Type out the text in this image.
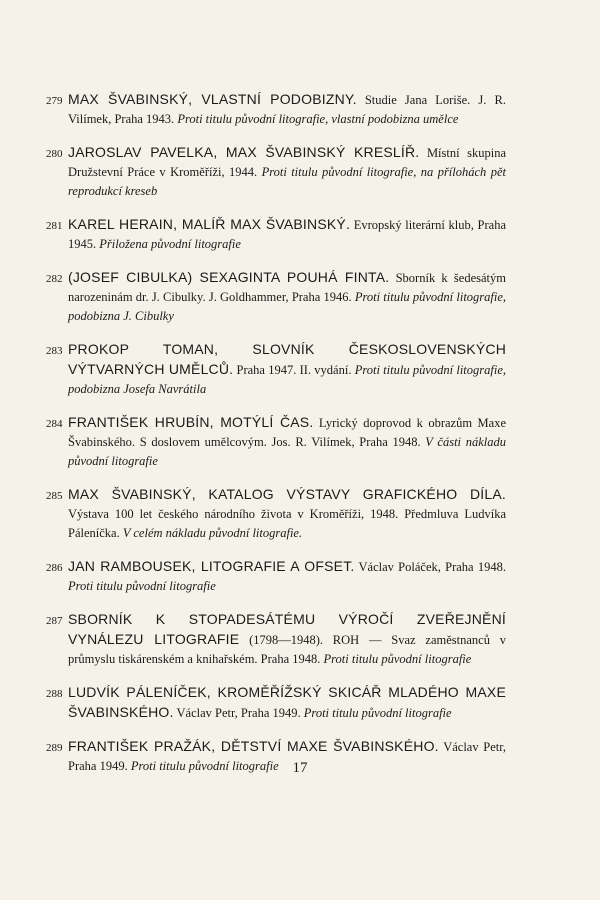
279 MAX ŠVABINSKÝ, VLASTNÍ PODOBIZNY. Studie Jana Loriše. J. R. Vilímek, Praha 1943. Proti titulu původní litografie, vlastní podobizna umělce
280 JAROSLAV PAVELKA, MAX ŠVABINSKÝ KRESLÍŘ. Místní skupina Družstevní Práce v Kroměříži, 1944. Proti titulu původní litografie, na přílohách pět reprodukcí kreseb
281 KAREL HERAIN, MALÍŘ MAX ŠVABINSKÝ. Evropský literární klub, Praha 1945. Přiložena původní litografie
282 (JOSEF CIBULKA) SEXAGINTA POUHÁ FINTA. Sborník k šedesátým narozeninám dr. J. Cibulky. J. Goldhammer, Praha 1946. Proti titulu původní litografie, podobizna J. Cibulky
283 PROKOP TOMAN, SLOVNÍK ČESKOSLOVENSKÝCH VÝTVARNÝCH UMĚLCŮ. Praha 1947. II. vydání. Proti titulu původní litografie, podobizna Josefa Navrátila
284 FRANTIŠEK HRUBÍN, MOTÝLÍ ČAS. Lyrický doprovod k obrazům Maxe Švabinského. S doslovem umělcovým. Jos. R. Vilímek, Praha 1948. V části nákladu původní litografie
285 MAX ŠVABINSKÝ, KATALOG VÝSTAVY GRAFICKÉHO DÍLA. Výstava 100 let českého národního života v Kroměříži, 1948. Předmluva Ludvíka Páleníčka. V celém nákladu původní litografie.
286 JAN RAMBOUSEK, LITOGRAFIE A OFSET. Václav Poláček, Praha 1948. Proti titulu původní litografie
287 SBORNÍK K STOPADESÁTÉMU VÝROČÍ ZVEŘEJNĚNÍ VYNÁLEZU LITOGRAFIE (1798—1948). ROH — Svaz zaměstnanců v průmyslu tiskárenském a knihařském. Praha 1948. Proti titulu původní litografie
288 LUDVÍK PÁLENÍČEK, KROMĚŘÍŽSKÝ SKICÁŘ MLADÉHO MAXE ŠVABINSKÉHO. Václav Petr, Praha 1949. Proti titulu původní litografie
289 FRANTIŠEK PRAŽÁK, DĚTSTVÍ MAXE ŠVABINSKÉHO. Václav Petr, Praha 1949. Proti titulu původní litografie 17
